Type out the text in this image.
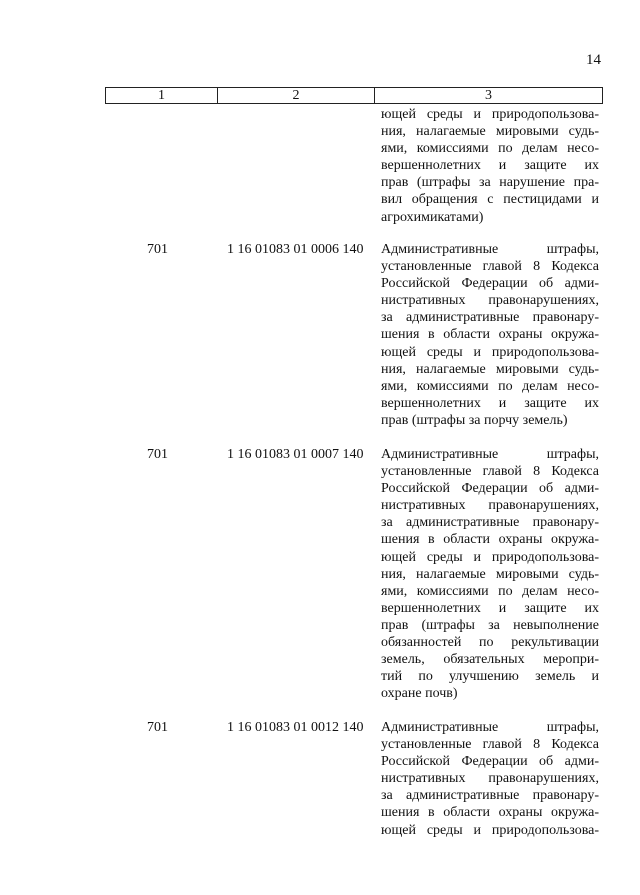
14
1	2	3
ющей среды и природопользова-
ния, налагаемые мировыми судь-
ями, комиссиями по делам несо-
вершеннолетних и защите их
прав (штрафы за нарушение пра-
вил обращения с пестицидами и
агрохимикатами)
701	1 16 01083 01 0006 140 Административные штрафы,
установленные главой 8 Кодекса
Российской Федерации об адми-
нистративных правонарушениях,
за административные правонару-
шения в области охраны окружа-
ющей среды и природопользова-
ния, налагаемые мировыми судь-
ями, комиссиями по делам несо-
вершеннолетних и защите их
прав (штрафы за порчу земель)
701	1 16 01083 01 0007 140 Административные штрафы,
установленные главой 8 Кодекса
Российской Федерации об адми-
нистративных правонарушениях,
за административные правонару-
шения в области охраны окружа-
ющей среды и природопользова-
ния, налагаемые мировыми судь-
ями, комиссиями по делам несо-
вершеннолетних и защите их
прав (штрафы за невыполнение
обязанностей по рекультивации
земель, обязательных меропри-
тий по улучшению земель и
охране почв)
701	1 16 01083 01 0012 140 Административные штрафы,
установленные главой 8 Кодекса
Российской Федерации об адми-
нистративных правонарушениях,
за административные правонару-
шения в области охраны окружа-
ющей среды и природопользова-
